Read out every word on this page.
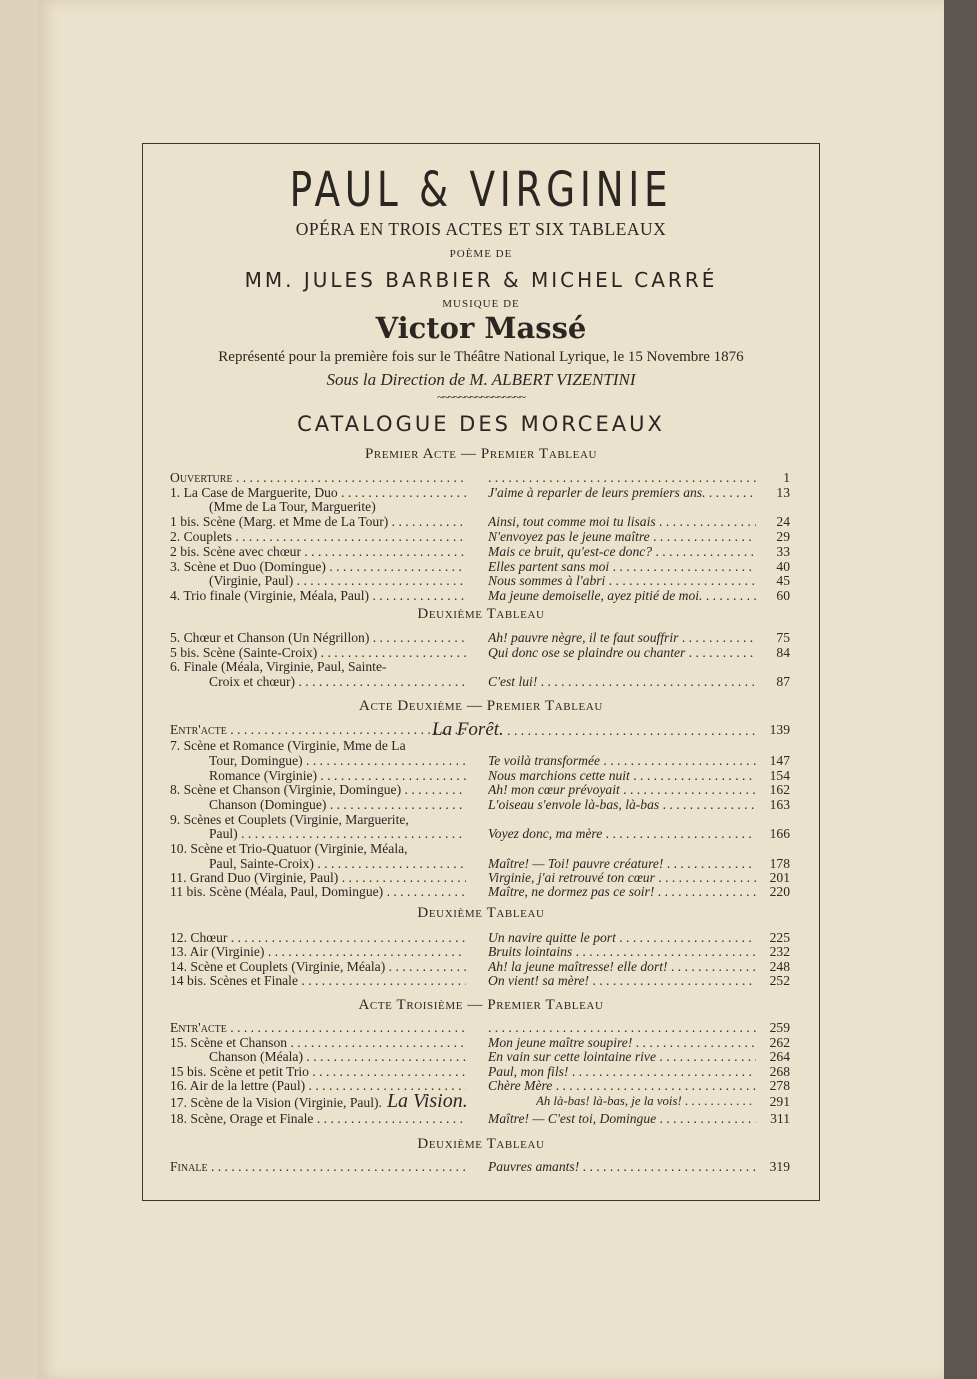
PAUL & VIRGINIE
OPÉRA EN TROIS ACTES ET SIX TABLEAUX
POÈME DE
MM. JULES BARBIER & MICHEL CARRÉ
MUSIQUE DE
Victor Massé
Représenté pour la première fois sur le Théâtre National Lyrique, le 15 Novembre 1876
Sous la Direction de M. ALBERT VIZENTINI
~~~~~~~~~~~~~~~~
CATALOGUE DES MORCEAUX
Premier Acte — Premier Tableau
Deuxième Tableau
Acte Deuxième — Premier Tableau
Deuxième Tableau
Acte Troisième — Premier Tableau
Deuxième Tableau
Ouverture . . . . . .	1
1. La Case de Marguerite, Duo . . .	J'aime à reparler de leurs premiers ans. . . .	13
(Mme de La Tour, Marguerite)
1 bis. Scène (Marg. et Mme de La Tour) . . .	Ainsi, tout comme moi tu lisais . . .	24
2. Couplets . . .	N'envoyez pas le jeune maître . . .	29
2 bis. Scène avec chœur . . .	Mais ce bruit, qu'est-ce donc? . . .	33
3. Scène et Duo (Domingue) . . .	Elles partent sans moi . . .	40
(Virginie, Paul) . . .	Nous sommes à l'abri . . .	45
4. Trio finale (Virginie, Méala, Paul) . . .	Ma jeune demoiselle, ayez pitié de moi. . . .	60
5. Chœur et Chanson (Un Négrillon) . . .	Ah! pauvre nègre, il te faut souffrir . . .	75
5 bis. Scène (Sainte-Croix) . . .	Qui donc ose se plaindre ou chanter . . .	84
6. Finale (Méala, Virginie, Paul, Sainte-
Croix et chœur) . . .	C'est lui! . . .	87
Entr'acte . . .	La Forêt. . . .	139
7. Scène et Romance (Virginie, Mme de La
Tour, Domingue) . . .	Te voilà transformée . . .	147
Romance (Virginie) . . .	Nous marchions cette nuit . . .	154
8. Scène et Chanson (Virginie, Domingue) . . .	Ah! mon cœur prévoyait . . .	162
Chanson (Domingue) . . .	L'oiseau s'envole là-bas, là-bas . . .	163
9. Scènes et Couplets (Virginie, Marguerite,
Paul) . . .	Voyez donc, ma mère . . .	166
10. Scène et Trio-Quatuor (Virginie, Méala,
Paul, Sainte-Croix) . . .	Maître! — Toi! pauvre créature! . . .	178
11. Grand Duo (Virginie, Paul) . . .	Virginie, j'ai retrouvé ton cœur . . .	201
11 bis. Scène (Méala, Paul, Domingue) . . .	Maître, ne dormez pas ce soir! . . .	220
12. Chœur . . .	Un navire quitte le port . . .	225
13. Air (Virginie) . . .	Bruits lointains . . .	232
14. Scène et Couplets (Virginie, Méala) . . .	Ah! la jeune maîtresse! elle dort! . . .	248
14 bis. Scènes et Finale . . .	On vient! sa mère! . . .	252
Entr'acte . . . . . .	259
15. Scène et Chanson . . .	Mon jeune maître soupire! . . .	262
Chanson (Méala) . . .	En vain sur cette lointaine rive . . .	264
15 bis. Scène et petit Trio . . .	Paul, mon fils! . . .	268
16. Air de la lettre (Paul) . . .	Chère Mère . . .	278
17. Scène de la Vision (Virginie, Paul). La Vision.	Ah là-bas! là-bas, je la vois! . . .	291
18. Scène, Orage et Finale . . .	Maître! — C'est toi, Domingue . . .	311
Finale . . .	Pauvres amants! . . .	319
